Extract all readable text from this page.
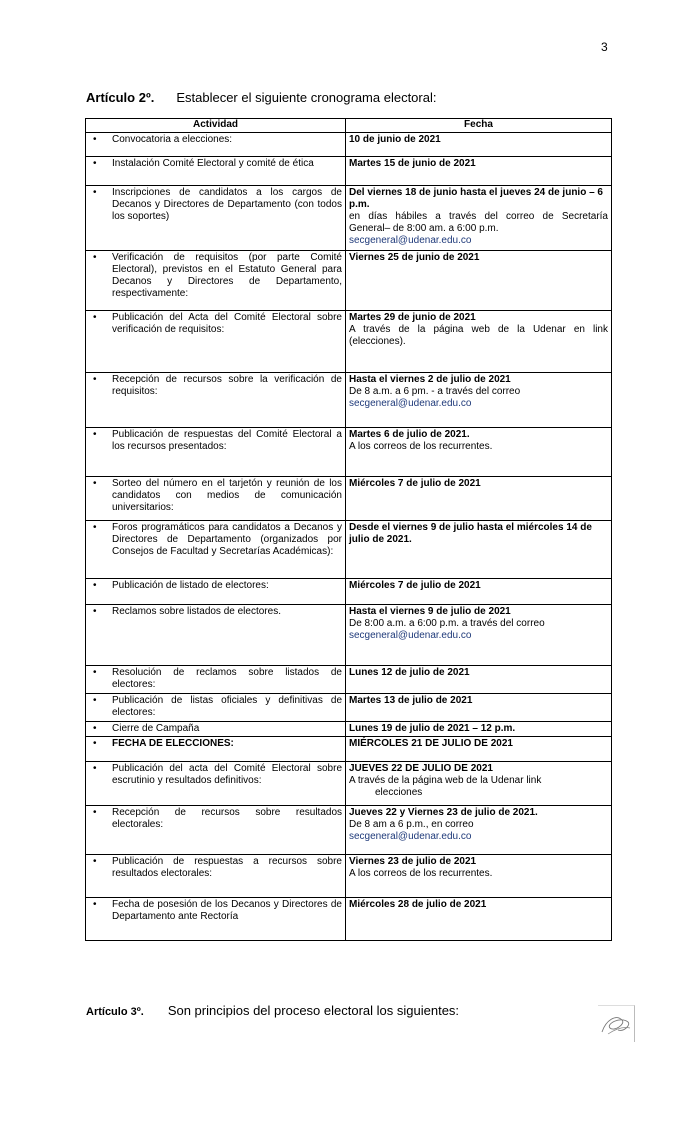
3
Artículo 2º. Establecer el siguiente cronograma electoral:
Actividad	Fecha

•
Convocatoria a elecciones:	10 de junio de 2021

•
Instalación Comité Electoral y comité de ética	Martes 15 de junio de 2021

•
Inscripciones de candidatos a los cargos de Decanos y Directores de Departamento (con todos los soportes)	Del viernes 18 de junio hasta el jueves 24 de junio – 6 p.m.
en días hábiles a través del correo de Secretaría General– de 8:00 am. a 6:00 p.m.
secgeneral@udenar.edu.co

•
Verificación de requisitos (por parte Comité Electoral), previstos en el Estatuto General para Decanos y Directores de Departamento, respectivamente:	Viernes 25 de junio de 2021

•
Publicación del Acta del Comité Electoral sobre verificación de requisitos:	Martes 29 de junio de 2021
A través de la página web de la Udenar en link (elecciones).

•
Recepción de recursos sobre la verificación de requisitos:	Hasta el viernes 2 de julio de 2021
De 8 a.m. a 6 pm. - a través del correo
secgeneral@udenar.edu.co

•
Publicación de respuestas del Comité Electoral a los recursos presentados:	Martes 6 de julio de 2021.
A los correos de los recurrentes.

•
Sorteo del número en el tarjetón y reunión de los candidatos con medios de comunicación universitarios:	Miércoles 7 de julio de 2021

•
Foros programáticos para candidatos a Decanos y Directores de Departamento (organizados por Consejos de Facultad y Secretarías Académicas):	Desde el viernes 9 de julio hasta el miércoles 14 de julio de 2021.

•
Publicación de listado de electores:	Miércoles 7 de julio de 2021

•
Reclamos sobre listados de electores.	Hasta el viernes 9 de julio de 2021
De 8:00 a.m. a 6:00 p.m. a través del correo
secgeneral@udenar.edu.co

•
Resolución de reclamos sobre listados de electores:	Lunes 12 de julio de 2021

•
Publicación de listas oficiales y definitivas de electores:	Martes 13 de julio de 2021

•
Cierre de Campaña	Lunes 19 de julio de 2021 – 12 p.m.

•
FECHA DE ELECCIONES:	MIÉRCOLES 21 DE JULIO DE 2021

•
Publicación del acta del Comité Electoral sobre escrutinio y resultados definitivos:	JUEVES 22 DE JULIO DE 2021
A través de la página web de la Udenar link
elecciones

•
Recepción de recursos sobre resultados electorales:	Jueves 22 y Viernes 23 de julio de 2021.
De 8 am a 6 p.m., en correo
secgeneral@udenar.edu.co

•
Publicación de respuestas a recursos sobre resultados electorales:	Viernes 23 de julio de 2021
A los correos de los recurrentes.

•
Fecha de posesión de los Decanos y Directores de Departamento ante Rectoría	Miércoles 28 de julio de 2021
Artículo 3º. Son principios del proceso electoral los siguientes:
